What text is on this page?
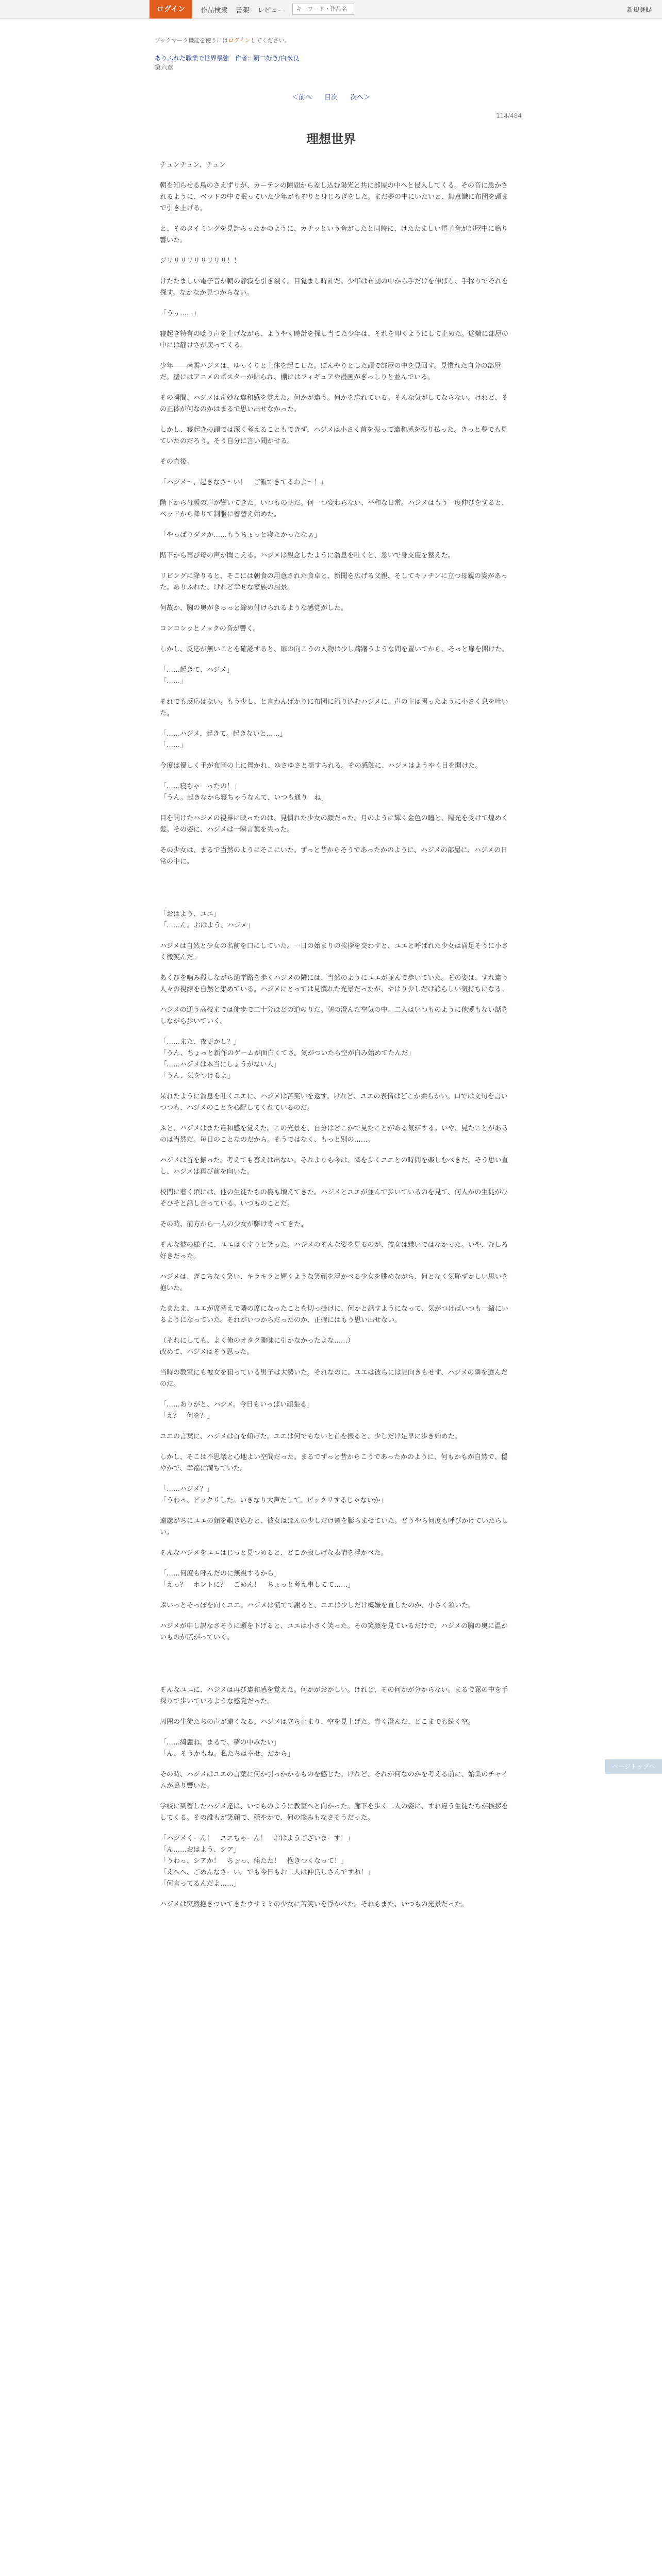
ログイン	作品検索 書架 レビュー
キーワード・作品名	新規登録
ブックマーク機能を使うにはログインしてください。
ありふれた職業で世界最強　作者：厨二好き/白米良
第六章
＜前へ 目次 次へ＞
114/484
理想世界

チュンチュン、チュン

朝を知らせる鳥のさえずりが、カーテンの隙間から差し込む陽光と共に部屋の中へと侵入してくる。その音に急かされるように、ベッドの中で眠っていた少年がもぞりと身じろぎをした。まだ夢の中にいたいと、無意識に布団を頭まで引き上げる。

と、そのタイミングを見計らったかのように、カチッという音がしたと同時に、けたたましい電子音が部屋中に鳴り響いた。

ジリリリリリリリリリ！！

けたたましい電子音が朝の静寂を引き裂く。目覚まし時計だ。少年は布団の中から手だけを伸ばし、手探りでそれを探す。なかなか見つからない。

「うぅ……」

寝起き特有の唸り声を上げながら、ようやく時計を探し当てた少年は、それを叩くようにして止めた。途端に部屋の中には静けさが戻ってくる。

少年――南雲ハジメは、ゆっくりと上体を起こした。ぼんやりとした頭で部屋の中を見回す。見慣れた自分の部屋だ。壁にはアニメのポスターが貼られ、棚にはフィギュアや漫画がぎっしりと並んでいる。

その瞬間、ハジメは奇妙な違和感を覚えた。何かが違う。何かを忘れている。そんな気がしてならない。けれど、その正体が何なのかはまるで思い出せなかった。

しかし、寝起きの頭では深く考えることもできず、ハジメは小さく首を振って違和感を振り払った。きっと夢でも見ていたのだろう。そう自分に言い聞かせる。

その直後。

「ハジメ～、起きなさ～い！　ご飯できてるわよ～！」

階下から母親の声が響いてきた。いつもの朝だ。何一つ変わらない、平和な日常。ハジメはもう一度伸びをすると、ベッドから降りて制服に着替え始めた。

「やっぱりダメか……もうちょっと寝たかったなぁ」

階下から再び母の声が聞こえる。ハジメは観念したように溜息を吐くと、急いで身支度を整えた。

リビングに降りると、そこには朝食の用意された食卓と、新聞を広げる父親、そしてキッチンに立つ母親の姿があった。ありふれた、けれど幸せな家族の風景。

何故か、胸の奥がきゅっと締め付けられるような感覚がした。

コンコンッとノックの音が響く。

しかし、反応が無いことを確認すると、扉の向こうの人物は少し躊躇うような間を置いてから、そっと扉を開けた。

「……起きて、ハジメ」
「……」

それでも反応はない。もう少し、と言わんばかりに布団に潜り込むハジメに、声の主は困ったように小さく息を吐いた。

「……ハジメ、起きて。起きないと……」
「……」

今度は優しく手が布団の上に置かれ、ゆさゆさと揺すられる。その感触に、ハジメはようやく目を開けた。

「……寝ちゃ　ったの！」
「うん。起きなから寝ちゃうなんて、いつも通り　ね」

目を開けたハジメの視界に映ったのは、見慣れた少女の顔だった。月のように輝く金色の瞳と、陽光を受けて煌めく髪。その姿に、ハジメは一瞬言葉を失った。

その少女は、まるで当然のようにそこにいた。ずっと昔からそうであったかのように、ハジメの部屋に、ハジメの日常の中に。

「おはよう、ユエ」
「……ん。おはよう、ハジメ」

ハジメは自然と少女の名前を口にしていた。一日の始まりの挨拶を交わすと、ユエと呼ばれた少女は満足そうに小さく微笑んだ。

あくびを噛み殺しながら通学路を歩くハジメの隣には、当然のようにユエが並んで歩いていた。その姿は、すれ違う人々の視線を自然と集めている。ハジメにとっては見慣れた光景だったが、やはり少しだけ誇らしい気持ちになる。

ハジメの通う高校までは徒歩で二十分ほどの道のりだ。朝の澄んだ空気の中、二人はいつものように他愛もない話をしながら歩いていく。

「……また、夜更かし？」
「うん、ちょっと新作のゲームが面白くてさ。気がついたら空が白み始めてたんだ」
「……ハジメは本当にしょうがない人」
「うん、気をつけるよ」

呆れたように溜息を吐くユエに、ハジメは苦笑いを返す。けれど、ユエの表情はどこか柔らかい。口では文句を言いつつも、ハジメのことを心配してくれているのだ。

ふと、ハジメはまた違和感を覚えた。この光景を、自分はどこかで見たことがある気がする。いや、見たことがあるのは当然だ。毎日のことなのだから。そうではなく、もっと別の……。

ハジメは首を振った。考えても答えは出ない。それよりも今は、隣を歩くユエとの時間を楽しむべきだ。そう思い直し、ハジメは再び前を向いた。

校門に着く頃には、他の生徒たちの姿も増えてきた。ハジメとユエが並んで歩いているのを見て、何人かの生徒がひそひそと話し合っている。いつものことだ。

その時、前方から一人の少女が駆け寄ってきた。

そんな彼の様子に、ユエはくすりと笑った。ハジメのそんな姿を見るのが、彼女は嫌いではなかった。いや、むしろ好きだった。

ハジメは、ぎこちなく笑い、キラキラと輝くような笑顔を浮かべる少女を眺めながら、何となく気恥ずかしい思いを抱いた。

たまたま、ユエが席替えで隣の席になったことを切っ掛けに、何かと話すようになって、気がつけばいつも一緒にいるようになっていた。それがいつからだったのか、正確にはもう思い出せない。

（それにしても、よく俺のオタク趣味に引かなかったよな……）
改めて、ハジメはそう思った。

当時の教室にも彼女を狙っている男子は大勢いた。それなのに、ユエは彼らには見向きもせず、ハジメの隣を選んだのだ。

「……ありがと、ハジメ。今日もいっぱい頑張る」
「え？　何を？」

ユエの言葉に、ハジメは首を傾げた。ユエは何でもないと首を振ると、少しだけ足早に歩き始めた。

しかし、そこは不思議と心地よい空間だった。まるでずっと昔からこうであったかのように、何もかもが自然で、穏やかで、幸福に満ちていた。

「……ハジメ？」
「うわっ、ビックリした。いきなり大声だして。ビックリするじゃないか」

遠慮がちにユエの顔を覗き込むと、彼女はほんの少しだけ頬を膨らませていた。どうやら何度も呼びかけていたらしい。

そんなハジメをユエはじっと見つめると、どこか寂しげな表情を浮かべた。

「……何度も呼んだのに無視するから」
「えっ？　ホントに？　ごめん！　ちょっと考え事してて……」

ぷいっとそっぽを向くユエ。ハジメは慌てて謝ると、ユエは少しだけ機嫌を直したのか、小さく頷いた。

ハジメが申し訳なさそうに頭を下げると、ユエは小さく笑った。その笑顔を見ているだけで、ハジメの胸の奥に温かいものが広がっていく。

そんなユエに、ハジメは再び違和感を覚えた。何かがおかしい。けれど、その何かが分からない。まるで霧の中を手探りで歩いているような感覚だった。

周囲の生徒たちの声が遠くなる。ハジメは立ち止まり、空を見上げた。青く澄んだ、どこまでも続く空。

「……綺麗ね。まるで、夢の中みたい」
「ん、そうかもね。私たちは幸せ、だから」

その時、ハジメはユエの言葉に何か引っかかるものを感じた。けれど、それが何なのかを考える前に、始業のチャイムが鳴り響いた。

学校に到着したハジメ達は、いつものように教室へと向かった。廊下を歩く二人の姿に、すれ違う生徒たちが挨拶をしてくる。その誰もが笑顔で、穏やかで、何の悩みもなさそうだった。

「ハジメくーん！　ユエちゃーん！　おはようございまーす！」
「ん……おはよう、シア」
「うわっ、シアか！　ちょっ、痛たた！　抱きつくなって！」
「えへへ、ごめんなさーい。でも今日もお二人は仲良しさんですね！」
「何言ってるんだよ……」

ハジメは突然抱きついてきたウサミミの少女に苦笑いを浮かべた。それもまた、いつもの光景だった。

ページトップへ
